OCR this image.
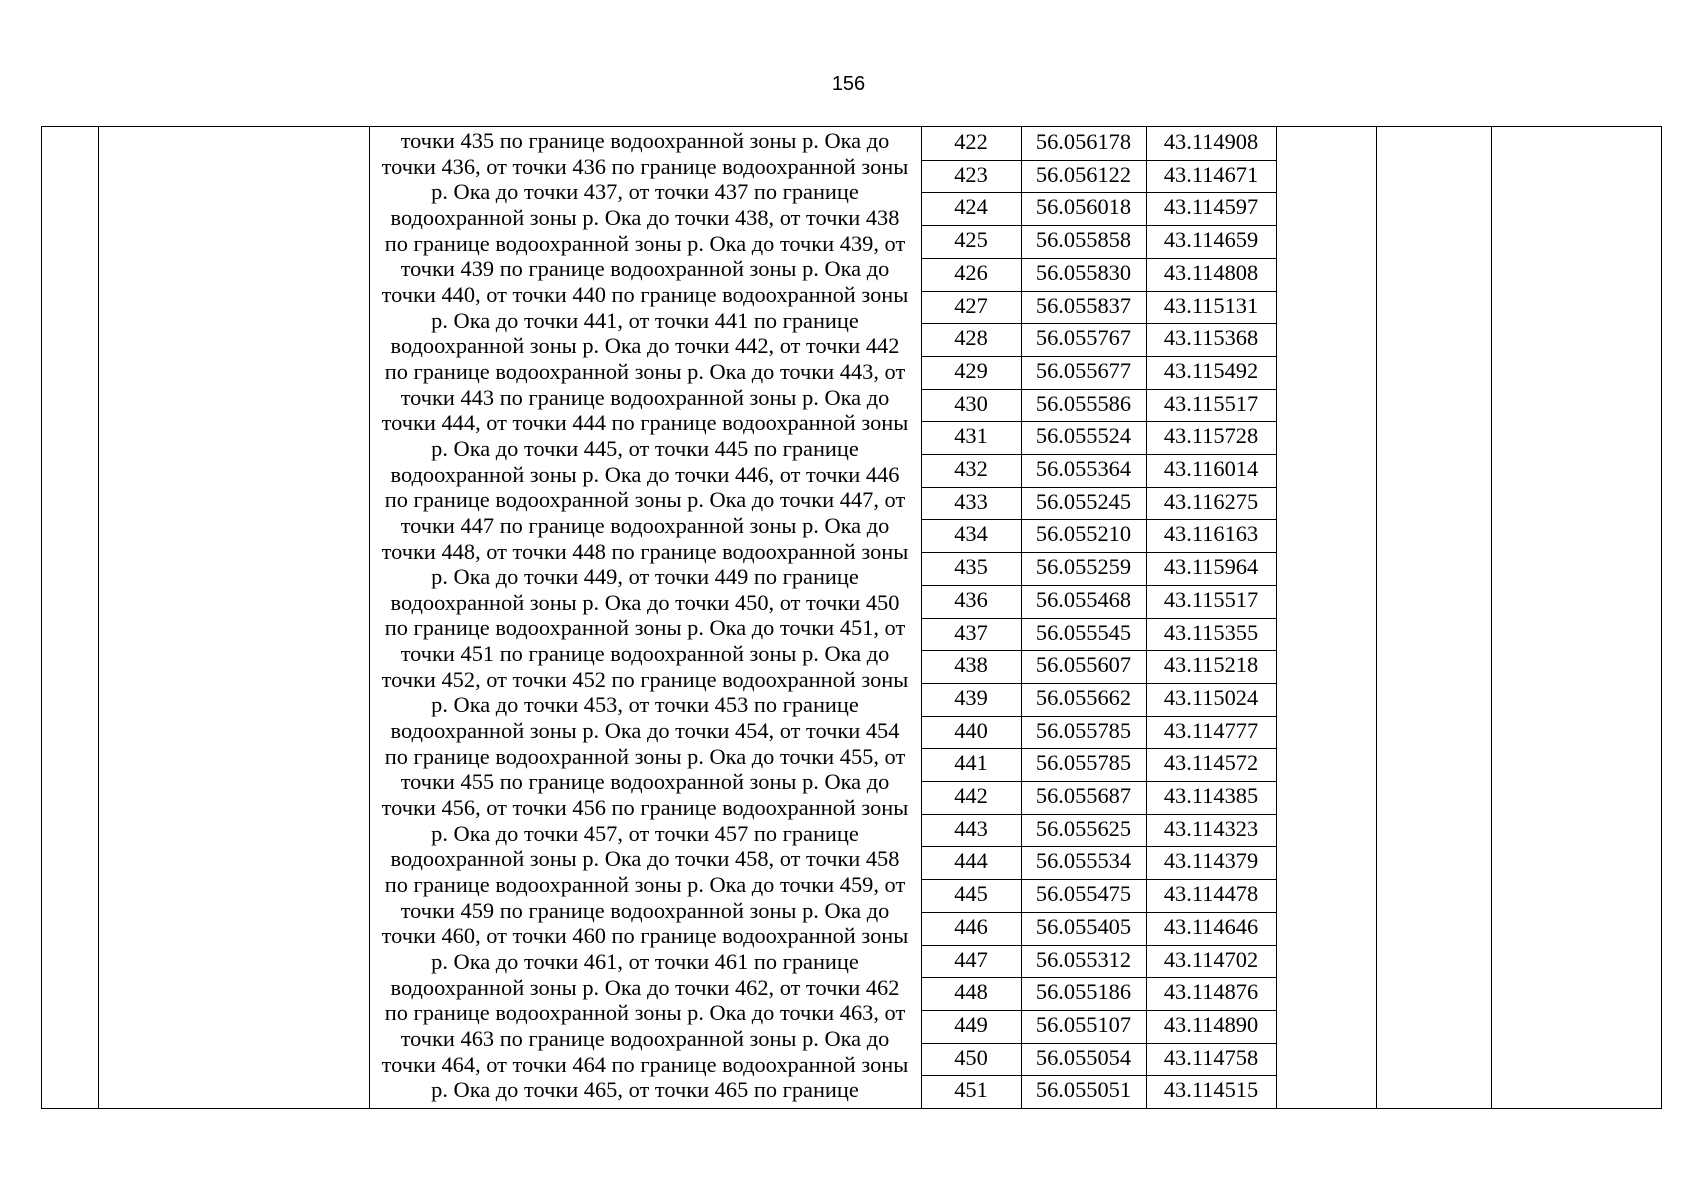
156
точки 435 по границе водоохранной зоны р. Ока до
точки 436, от точки 436 по границе водоохранной зоны
р. Ока до точки 437, от точки 437 по границе
водоохранной зоны р. Ока до точки 438, от точки 438
по границе водоохранной зоны р. Ока до точки 439, от
точки 439 по границе водоохранной зоны р. Ока до
точки 440, от точки 440 по границе водоохранной зоны
р. Ока до точки 441, от точки 441 по границе
водоохранной зоны р. Ока до точки 442, от точки 442
по границе водоохранной зоны р. Ока до точки 443, от
точки 443 по границе водоохранной зоны р. Ока до
точки 444, от точки 444 по границе водоохранной зоны
р. Ока до точки 445, от точки 445 по границе
водоохранной зоны р. Ока до точки 446, от точки 446
по границе водоохранной зоны р. Ока до точки 447, от
точки 447 по границе водоохранной зоны р. Ока до
точки 448, от точки 448 по границе водоохранной зоны
р. Ока до точки 449, от точки 449 по границе
водоохранной зоны р. Ока до точки 450, от точки 450
по границе водоохранной зоны р. Ока до точки 451, от
точки 451 по границе водоохранной зоны р. Ока до
точки 452, от точки 452 по границе водоохранной зоны
р. Ока до точки 453, от точки 453 по границе
водоохранной зоны р. Ока до точки 454, от точки 454
по границе водоохранной зоны р. Ока до точки 455, от
точки 455 по границе водоохранной зоны р. Ока до
точки 456, от точки 456 по границе водоохранной зоны
р. Ока до точки 457, от точки 457 по границе
водоохранной зоны р. Ока до точки 458, от точки 458
по границе водоохранной зоны р. Ока до точки 459, от
точки 459 по границе водоохранной зоны р. Ока до
точки 460, от точки 460 по границе водоохранной зоны
р. Ока до точки 461, от точки 461 по границе
водоохранной зоны р. Ока до точки 462, от точки 462
по границе водоохранной зоны р. Ока до точки 463, от
точки 463 по границе водоохранной зоны р. Ока до
точки 464, от точки 464 по границе водоохранной зоны
р. Ока до точки 465, от точки 465 по границе
422	56.056178	43.114908
423	56.056122	43.114671
424	56.056018	43.114597
425	56.055858	43.114659
426	56.055830	43.114808
427	56.055837	43.115131
428	56.055767	43.115368
429	56.055677	43.115492
430	56.055586	43.115517
431	56.055524	43.115728
432	56.055364	43.116014
433	56.055245	43.116275
434	56.055210	43.116163
435	56.055259	43.115964
436	56.055468	43.115517
437	56.055545	43.115355
438	56.055607	43.115218
439	56.055662	43.115024
440	56.055785	43.114777
441	56.055785	43.114572
442	56.055687	43.114385
443	56.055625	43.114323
444	56.055534	43.114379
445	56.055475	43.114478
446	56.055405	43.114646
447	56.055312	43.114702
448	56.055186	43.114876
449	56.055107	43.114890
450	56.055054	43.114758
451	56.055051	43.114515
